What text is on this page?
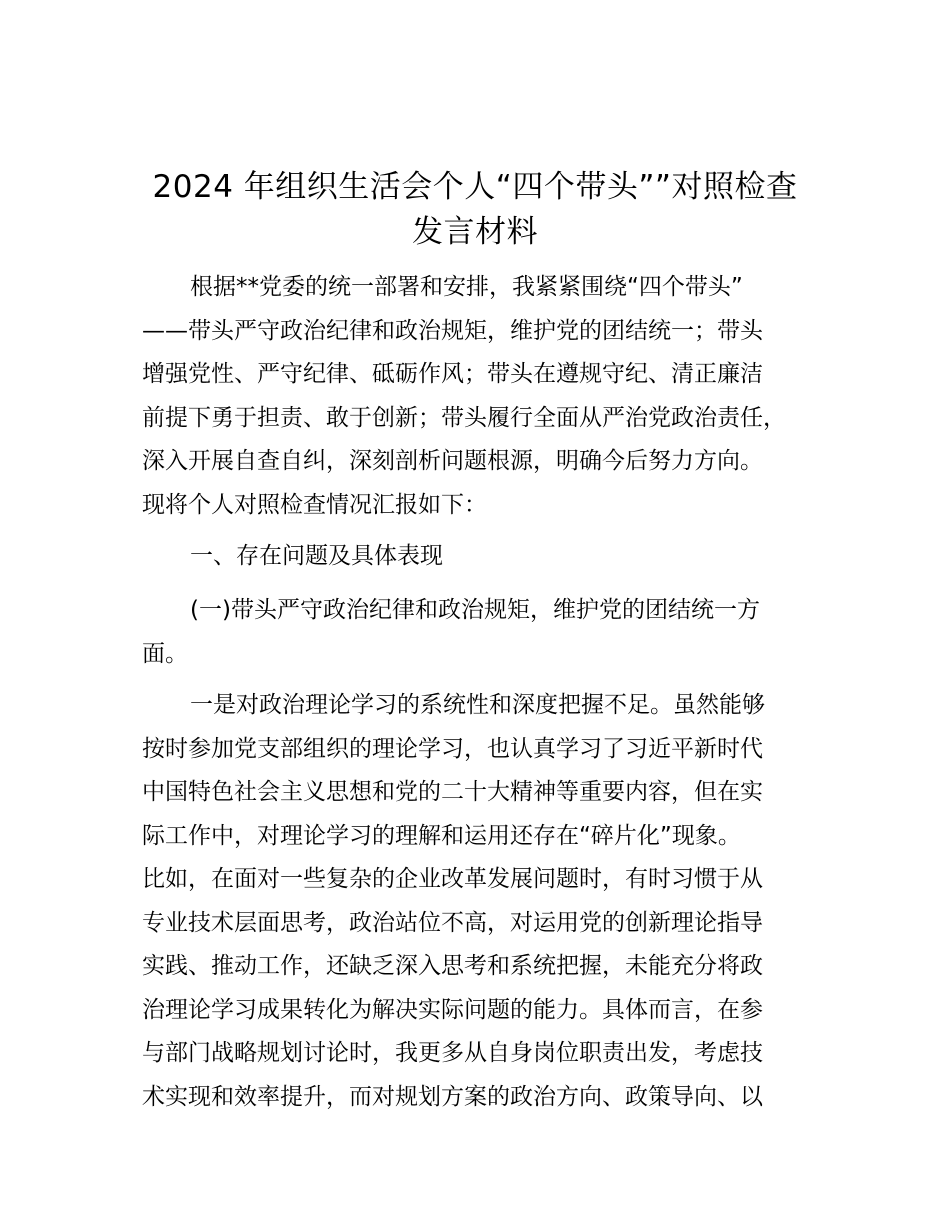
2024 年组织生活会个人“四个带头””对照检查
发言材料

根据**党委的统一部署和安排，我紧紧围绕“四个带头”

——带头严守政治纪律和政治规矩，维护党的团结统一；带头

增强党性、严守纪律、砥砺作风；带头在遵规守纪、清正廉洁

前提下勇于担责、敢于创新；带头履行全面从严治党政治责任，

深入开展自查自纠，深刻剖析问题根源，明确今后努力方向。

现将个人对照检查情况汇报如下：

一、存在问题及具体表现

(一)带头严守政治纪律和政治规矩，维护党的团结统一方

面。

一是对政治理论学习的系统性和深度把握不足。虽然能够

按时参加党支部组织的理论学习，也认真学习了习近平新时代

中国特色社会主义思想和党的二十大精神等重要内容，但在实

际工作中，对理论学习的理解和运用还存在“碎片化”现象。

比如，在面对一些复杂的企业改革发展问题时，有时习惯于从

专业技术层面思考，政治站位不高，对运用党的创新理论指导

实践、推动工作，还缺乏深入思考和系统把握，未能充分将政

治理论学习成果转化为解决实际问题的能力。具体而言，在参

与部门战略规划讨论时，我更多从自身岗位职责出发，考虑技

术实现和效率提升，而对规划方案的政治方向、政策导向、以
